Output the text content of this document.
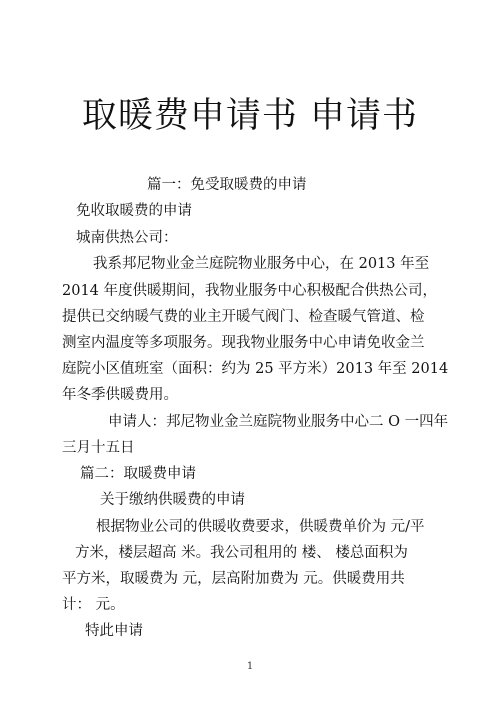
取暖费申请书 申请书
篇一：免受取暖费的申请
免收取暖费的申请
城南供热公司：
我系邦尼物业金兰庭院物业服务中心，在 2013 年至
2014 年度供暖期间，我物业服务中心积极配合供热公司，
提供已交纳暖气费的业主开暖气阀门、检查暖气管道、检
测室内温度等多项服务。现我物业服务中心申请免收金兰
庭院小区值班室（面积：约为 25 平方米）2013 年至 2014
年冬季供暖费用。
申请人：邦尼物业金兰庭院物业服务中心二 O 一四年
三月十五日
篇二：取暖费申请
关于缴纳供暖费的申请
根据物业公司的供暖收费要求，供暖费单价为 元/平
方米，楼层超高 米。我公司租用的 楼、 楼总面积为
平方米，取暖费为 元，层高附加费为 元。供暖费用共
计： 元。
特此申请
1
